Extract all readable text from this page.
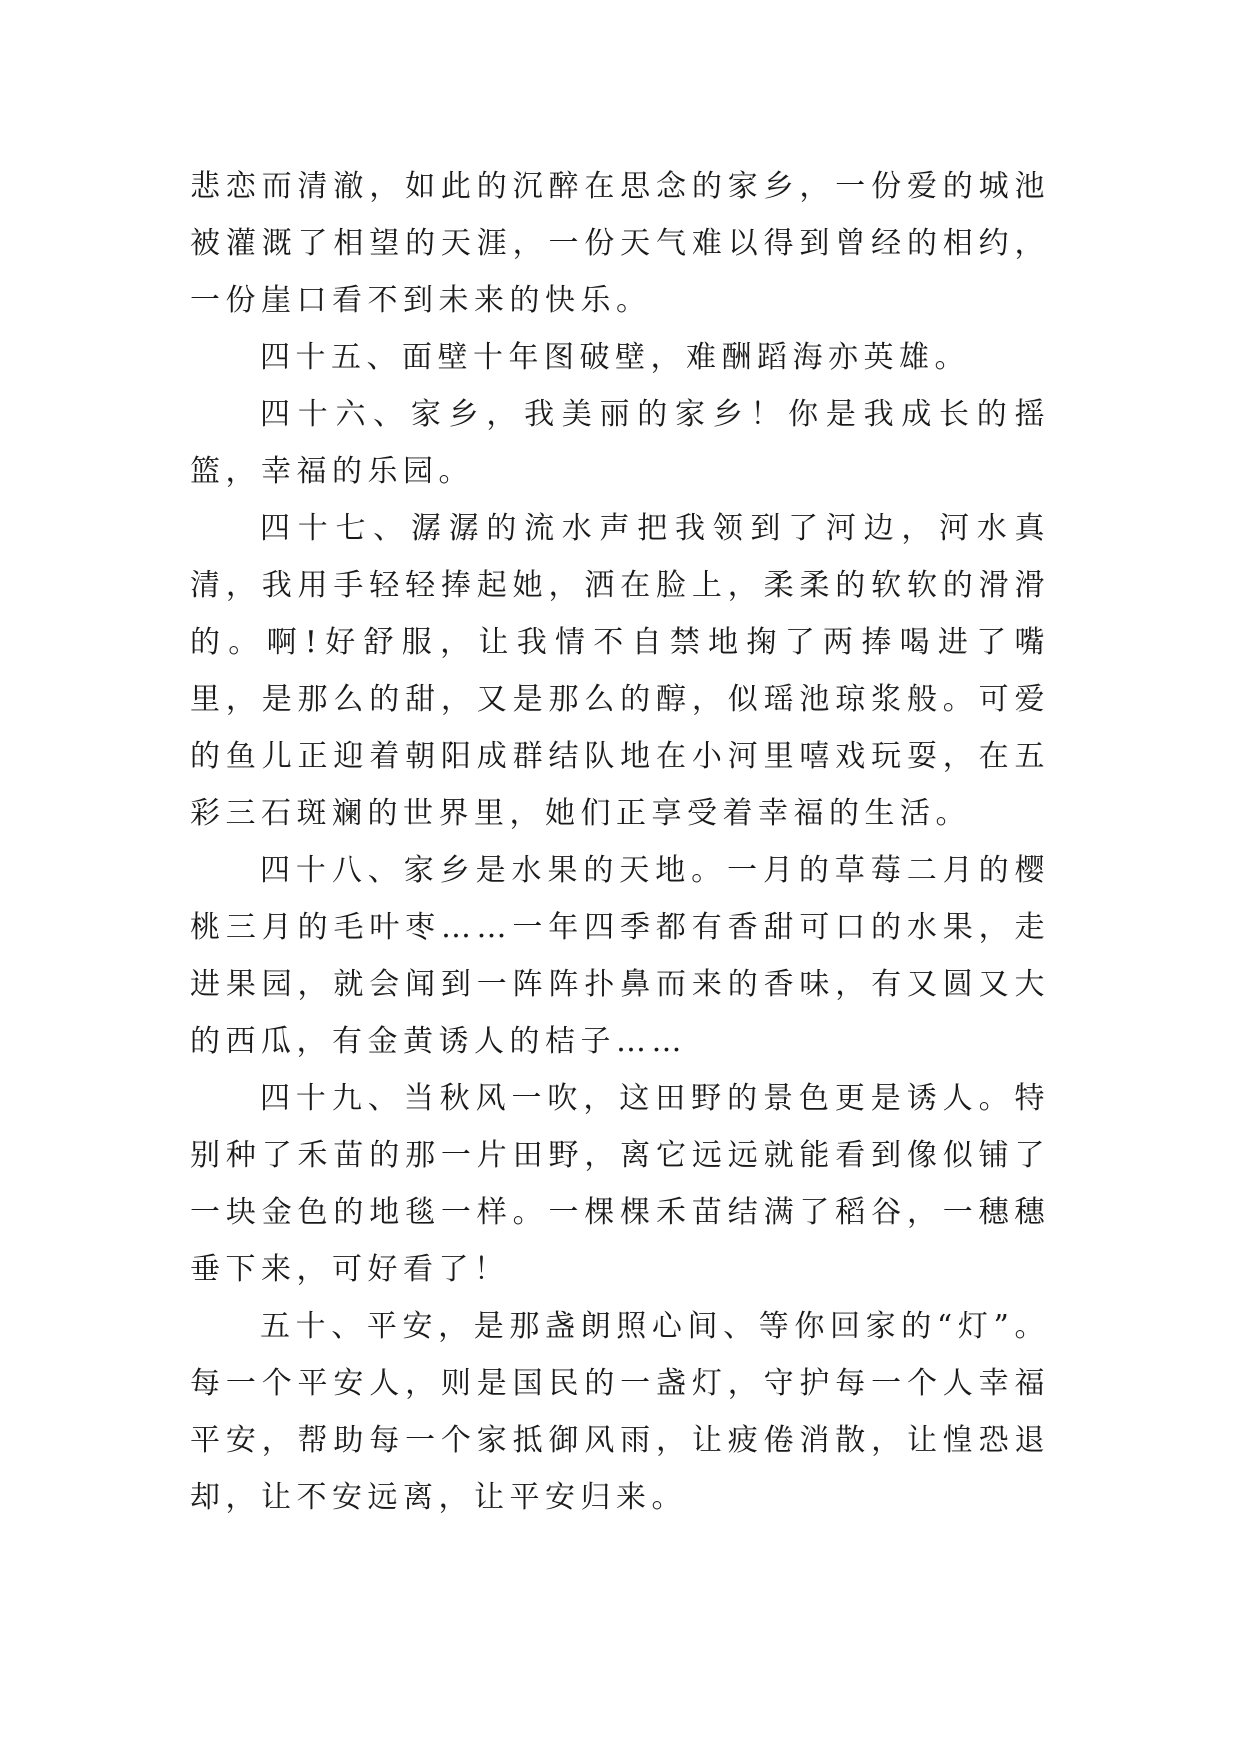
悲恋而清澈，如此的沉醉在思念的家乡，一份爱的城池被灌溉了相望的天涯，一份天气难以得到曾经的相约，一份崖口看不到未来的快乐。

四十五、面壁十年图破壁，难酬蹈海亦英雄。

四十六、家乡，我美丽的家乡！你是我成长的摇篮，幸福的乐园。

四十七、潺潺的流水声把我领到了河边，河水真清，我用手轻轻捧起她，洒在脸上，柔柔的软软的滑滑的。啊!好舒服，让我情不自禁地掬了两捧喝进了嘴里，是那么的甜，又是那么的醇，似瑶池琼浆般。可爱的鱼儿正迎着朝阳成群结队地在小河里嘻戏玩耍，在五彩三石斑斓的世界里，她们正享受着幸福的生活。

四十八、家乡是水果的天地。一月的草莓二月的樱桃三月的毛叶枣……一年四季都有香甜可口的水果，走进果园，就会闻到一阵阵扑鼻而来的香味，有又圆又大的西瓜，有金黄诱人的桔子……

四十九、当秋风一吹，这田野的景色更是诱人。特别种了禾苗的那一片田野，离它远远就能看到像似铺了一块金色的地毯一样。一棵棵禾苗结满了稻谷，一穗穗垂下来，可好看了！

五十、平安，是那盏朗照心间、等你回家的“灯”。每一个平安人，则是国民的一盏灯，守护每一个人幸福平安，帮助每一个家抵御风雨，让疲倦消散，让惶恐退却，让不安远离，让平安归来。
